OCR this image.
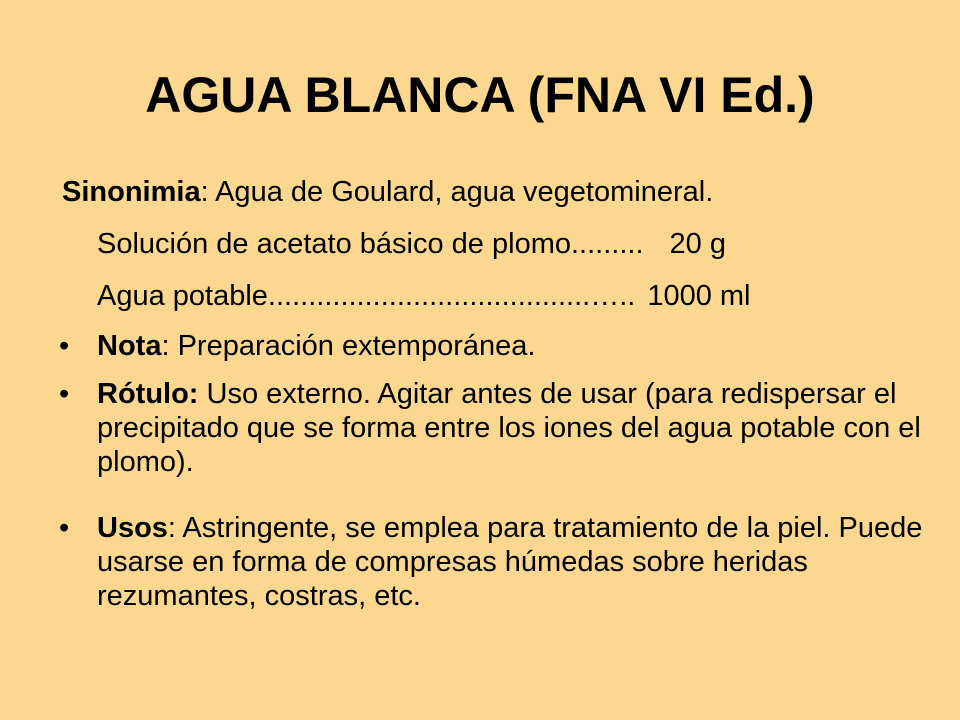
AGUA BLANCA (FNA VI Ed.)
Sinonimia: Agua de Goulard, agua vegetomineral.
Solución de acetato básico de plomo......... 20 g
Agua potable........................................….. 1000 ml
• Nota: Preparación extemporánea.
• Rótulo: Uso externo. Agitar antes de usar (para redispersar el precipitado que se forma entre los iones del agua potable con el plomo).
• Usos: Astringente, se emplea para tratamiento de la piel. Puede usarse en forma de compresas húmedas sobre heridas rezumantes, costras, etc.
